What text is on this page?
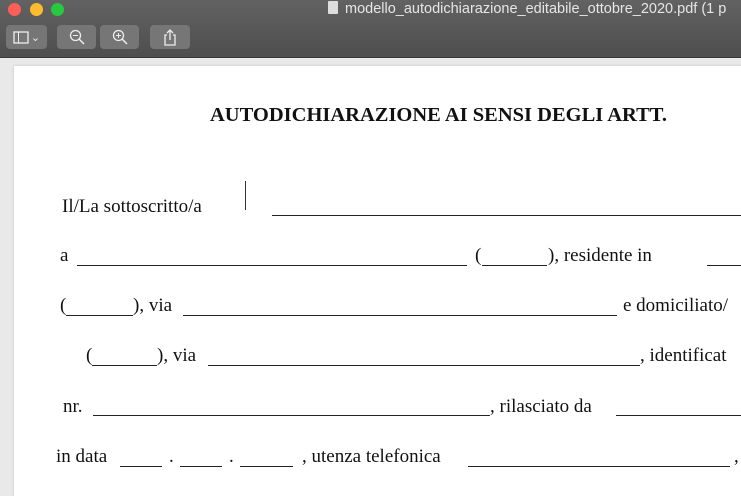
modello_autodichiarazione_editabile_ottobre_2020.pdf (1 p
⌄
AUTODICHIARAZIONE AI SENSI DEGLI ARTT.
Il/La sottoscritto/a
a	(	), residente in
(	), via	e domiciliato/
(	), via	, identificat
nr.	, rilasciato da
in data	.	.	, utenza telefonica	,
